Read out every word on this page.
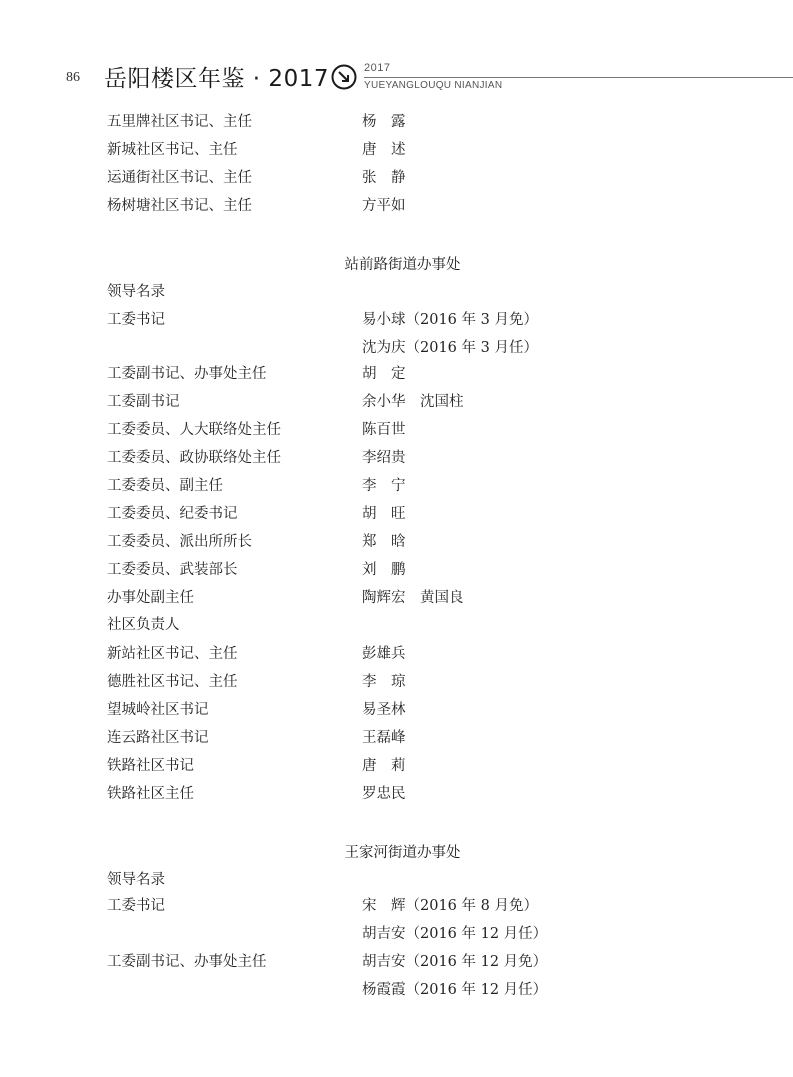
86 岳阳楼区年鉴 · 2017	2017
YUEYANGLOUQU NIANJIAN
五里牌社区书记、主任	杨　露
新城社区书记、主任	唐　述
运通街社区书记、主任	张　静
杨树塘社区书记、主任	方平如
站前路街道办事处
领导名录
工委书记	易小球（2016 年 3 月免）
沈为庆（2016 年 3 月任）
工委副书记、办事处主任	胡　定
工委副书记	余小华　沈国柱
工委委员、人大联络处主任	陈百世
工委委员、政协联络处主任	李绍贵
工委委员、副主任	李　宁
工委委员、纪委书记	胡　旺
工委委员、派出所所长	郑　晗
工委委员、武装部长	刘　鹏
办事处副主任	陶辉宏　黄国良
社区负责人
新站社区书记、主任	彭雄兵
德胜社区书记、主任	李　琼
望城岭社区书记	易圣林
连云路社区书记	王磊峰
铁路社区书记	唐　莉
铁路社区主任	罗忠民
王家河街道办事处
领导名录
工委书记	宋　辉（2016 年 8 月免）
胡吉安（2016 年 12 月任）
工委副书记、办事处主任	胡吉安（2016 年 12 月免）
杨霞霞（2016 年 12 月任）
